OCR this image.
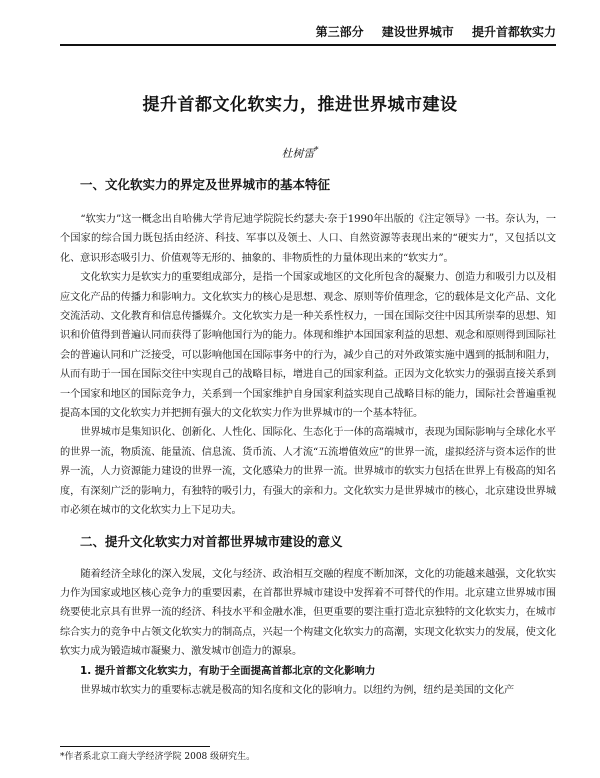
第三部分 建设世界城市 提升首都软实力
提升首都文化软实力，推进世界城市建设
杜树雷*
一、文化软实力的界定及世界城市的基本特征

“软实力”这一概念出自哈佛大学肯尼迪学院院长约瑟夫·奈于1990年出版的《注定领导》一书。奈认为，一个国家的综合国力既包括由经济、科技、军事以及领土、人口、自然资源等表现出来的“硬实力”，又包括以文化、意识形态吸引力、价值观等无形的、抽象的、非物质性的力量体现出来的“软实力”。

文化软实力是软实力的重要组成部分，是指一个国家或地区的文化所包含的凝聚力、创造力和吸引力以及相应文化产品的传播力和影响力。文化软实力的核心是思想、观念、原则等价值理念，它的载体是文化产品、文化交流活动、文化教育和信息传播媒介。文化软实力是一种关系性权力，一国在国际交往中因其所崇奉的思想、知识和价值得到普遍认同而获得了影响他国行为的能力。体现和维护本国国家利益的思想、观念和原则得到国际社会的普遍认同和广泛接受，可以影响他国在国际事务中的行为，减少自己的对外政策实施中遇到的抵制和阻力，从而有助于一国在国际交往中实现自己的战略目标，增进自己的国家利益。正因为文化软实力的强弱直接关系到一个国家和地区的国际竞争力，关系到一个国家维护自身国家利益实现自己战略目标的能力，国际社会普遍重视提高本国的文化软实力并把拥有强大的文化软实力作为世界城市的一个基本特征。

世界城市是集知识化、创新化、人性化、国际化、生态化于一体的高端城市，表现为国际影响与全球化水平的世界一流，物质流、能量流、信息流、货币流、人才流“五流增值效应”的世界一流，虚拟经济与资本运作的世界一流，人力资源能力建设的世界一流，文化感染力的世界一流。世界城市的软实力包括在世界上有极高的知名度，有深刻广泛的影响力，有独特的吸引力，有强大的亲和力。文化软实力是世界城市的核心，北京建设世界城市必须在城市的文化软实力上下足功夫。

二、提升文化软实力对首都世界城市建设的意义

随着经济全球化的深入发展，文化与经济、政治相互交融的程度不断加深，文化的功能越来越强，文化软实力作为国家或地区核心竞争力的重要因素，在首都世界城市建设中发挥着不可替代的作用。北京建立世界城市围绕要使北京具有世界一流的经济、科技水平和金融水准，但更重要的要注重打造北京独特的文化软实力，在城市综合实力的竞争中占领文化软实力的制高点，兴起一个构建文化软实力的高潮，实现文化软实力的发展，使文化软实力成为锻造城市凝聚力、激发城市创造力的源泉。

1. 提升首都文化软实力，有助于全面提高首都北京的文化影响力

世界城市软实力的重要标志就是极高的知名度和文化的影响力。以纽约为例，纽约是美国的文化产

*作者系北京工商大学经济学院 2008 级研究生。
